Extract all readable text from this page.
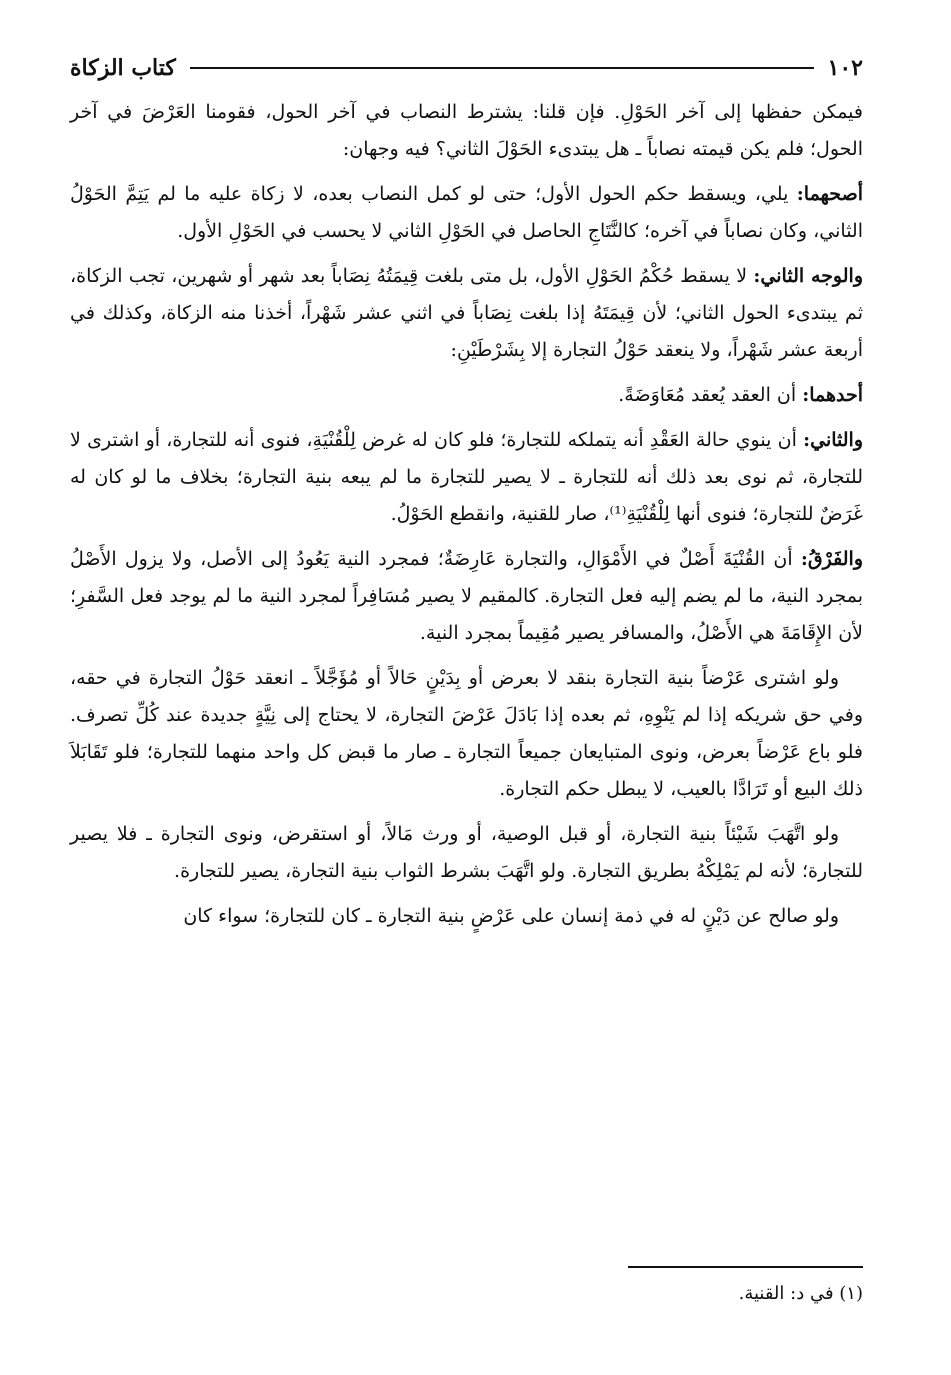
١٠٢
كتاب الزكاة

فيمكن حفظها إلى آخر الحَوْلِ. فإن قلنا: يشترط النصاب في آخر الحول، فقومنا العَرْضَ في آخر الحول؛ فلم يكن قيمته نصاباً ـ هل يبتدىء الحَوْلَ الثاني؟ فيه وجهان:

أصحهما: يلي، ويسقط حكم الحول الأول؛ حتى لو كمل النصاب بعده، لا زكاة عليه ما لم يَتِمَّ الحَوْلُ الثاني، وكان نصاباً في آخره؛ كالنَّتَاجِ الحاصل في الحَوْلِ الثاني لا يحسب في الحَوْلِ الأول.

والوجه الثاني: لا يسقط حُكْمُ الحَوْلِ الأول، بل متى بلغت قِيمَتُهُ نِصَاباً بعد شهر أو شهرين، تجب الزكاة، ثم يبتدىء الحول الثاني؛ لأن قِيمَتَهُ إذا بلغت نِصَاباً في اثني عشر شَهْراً، أخذنا منه الزكاة، وكذلك في أربعة عشر شَهْراً، ولا ينعقد حَوْلُ التجارة إلا بِشَرْطَيْنِ:

أحدهما: أن العقد يُعقد مُعَاوَضَةً.

والثاني: أن ينوي حالة العَقْدِ أنه يتملكه للتجارة؛ فلو كان له غرض لِلْقُنْيَةِ، فنوى أنه للتجارة، أو اشترى لا للتجارة، ثم نوى بعد ذلك أنه للتجارة ـ لا يصير للتجارة ما لم يبعه بنية التجارة؛ بخلاف ما لو كان له غَرَضٌ للتجارة؛ فنوى أنها لِلْقُنْيَةِ⁽¹⁾، صار للقنية، وانقطع الحَوْلُ.

والفَرْقُ: أن القُنْيَةَ أَصْلٌ في الأَمْوَالِ، والتجارة عَارِضَةٌ؛ فمجرد النية يَعُودُ إلى الأصل، ولا يزول الأَصْلُ بمجرد النية، ما لم يضم إليه فعل التجارة. كالمقيم لا يصير مُسَافِراً لمجرد النية ما لم يوجد فعل السَّفرِ؛ لأن الإِقَامَةَ هي الأَصْلُ، والمسافر يصير مُقِيماً بمجرد النية.

ولو اشترى عَرْضاً بنية التجارة بنقد لا بعرض أو بِدَيْنٍ حَالاً أو مُؤَجَّلاً ـ انعقد حَوْلُ التجارة في حقه، وفي حق شريكه إذا لم يَنْوِهِ، ثم بعده إذا بَادَلَ عَرْضَ التجارة، لا يحتاج إلى نِيَّةٍ جديدة عند كُلِّ تصرف. فلو باع عَرْضاً بعرض، ونوى المتبايعان جميعاً التجارة ـ صار ما قبض كل واحد منهما للتجارة؛ فلو تَقَابَلاَ ذلك البيع أو تَرَادَّا بالعيب، لا يبطل حكم التجارة.

ولو اتَّهَبَ شَيْئاً بنية التجارة، أو قبل الوصية، أو ورث مَالاً، أو استقرض، ونوى التجارة ـ فلا يصير للتجارة؛ لأنه لم يَمْلِكْهُ بطريق التجارة. ولو اتَّهَبَ بشرط الثواب بنية التجارة، يصير للتجارة.

ولو صالح عن دَيْنٍ له في ذمة إنسان على عَرْضٍ بنية التجارة ـ كان للتجارة؛ سواء كان

(١) في د: القنية.
